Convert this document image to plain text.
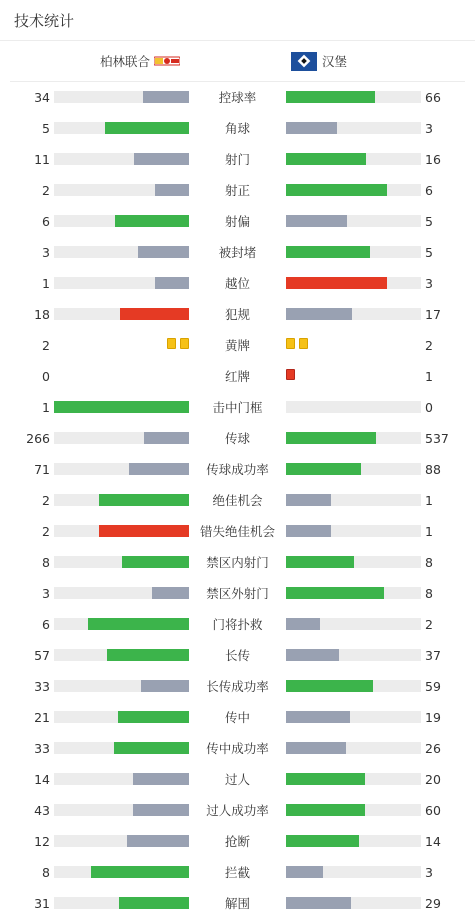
技术统计
柏林联合	汉堡
34	控球率	66
5	角球	3
11	射门	16
2	射正	6
6	射偏	5
3	被封堵	5
1	越位	3
18	犯规	17
2	黄牌	2
0	红牌	1
1	击中门框	0
266	传球	537
71	传球成功率	88
2	绝佳机会	1
2	错失绝佳机会	1
8	禁区内射门	8
3	禁区外射门	8
6	门将扑救	2
57	长传	37
33	长传成功率	59
21	传中	19
33	传中成功率	26
14	过人	20
43	过人成功率	60
12	抢断	14
8	拦截	3
31	解围	29
